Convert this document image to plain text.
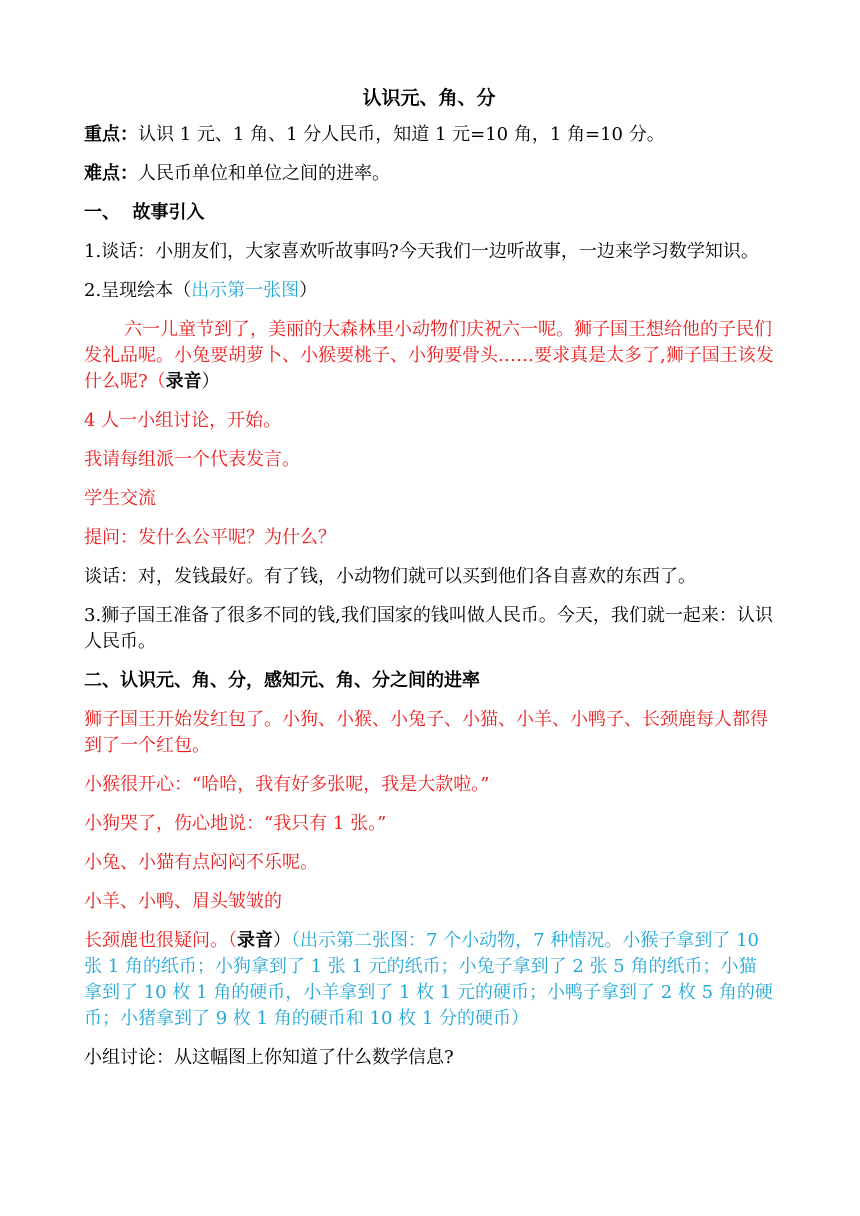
认识元、角、分

重点：认识 1 元、1 角、1 分人民币，知道 1 元=10 角，1 角=10 分。

难点：人民币单位和单位之间的进率。

一、  故事引入

1.谈话：小朋友们，大家喜欢听故事吗?今天我们一边听故事，一边来学习数学知识。

2.呈现绘本（出示第一张图）

六一儿童节到了，美丽的大森林里小动物们庆祝六一呢。狮子国王想给他的子民们发礼品呢。小兔要胡萝卜、小猴要桃子、小狗要骨头……要求真是太多了,狮子国王该发什么呢?（录音）

4 人一小组讨论，开始。

我请每组派一个代表发言。

学生交流

提问：发什么公平呢？为什么？

谈话：对，发钱最好。有了钱，小动物们就可以买到他们各自喜欢的东西了。

3.狮子国王准备了很多不同的钱,我们国家的钱叫做人民币。今天，我们就一起来：认识人民币。

二、认识元、角、分，感知元、角、分之间的进率

狮子国王开始发红包了。小狗、小猴、小兔子、小猫、小羊、小鸭子、长颈鹿每人都得到了一个红包。

小猴很开心：“哈哈，我有好多张呢，我是大款啦。”

小狗哭了，伤心地说：“我只有 1 张。”

小兔、小猫有点闷闷不乐呢。

小羊、小鸭、眉头皱皱的

长颈鹿也很疑问。（录音）（出示第二张图：7 个小动物，7 种情况。小猴子拿到了 10 张 1 角的纸币；小狗拿到了 1 张 1 元的纸币；小兔子拿到了 2 张 5 角的纸币；小猫拿到了 10 枚 1 角的硬币，小羊拿到了 1 枚 1 元的硬币；小鸭子拿到了 2 枚 5 角的硬币；小猪拿到了 9 枚 1 角的硬币和 10 枚 1 分的硬币）

小组讨论：从这幅图上你知道了什么数学信息?
